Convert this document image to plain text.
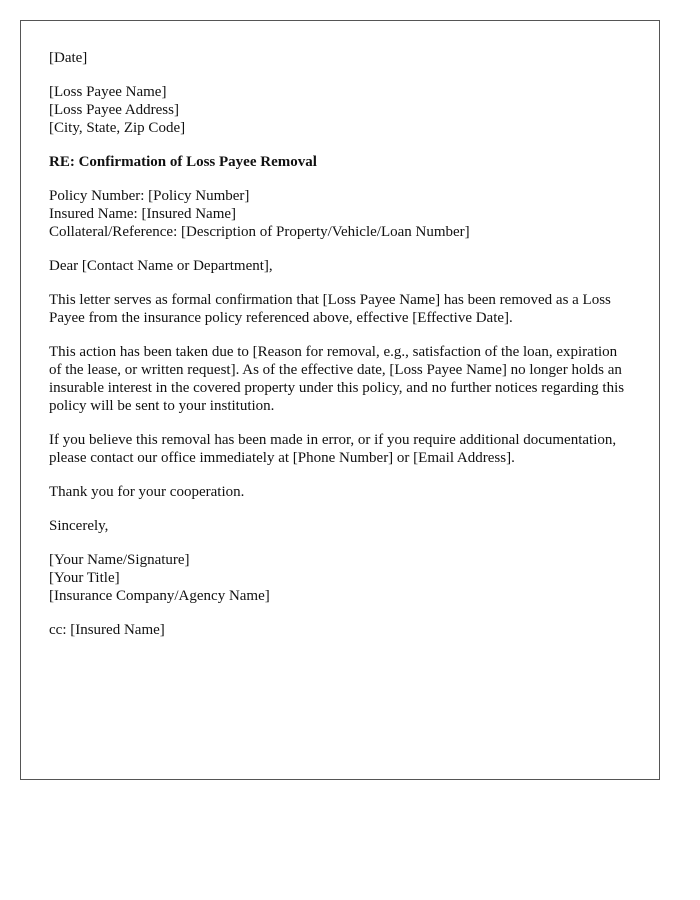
[Date]
[Loss Payee Name]
[Loss Payee Address]
[City, State, Zip Code]
RE: Confirmation of Loss Payee Removal
Policy Number: [Policy Number]
Insured Name: [Insured Name]
Collateral/Reference: [Description of Property/Vehicle/Loan Number]
Dear [Contact Name or Department],

This letter serves as formal confirmation that [Loss Payee Name] has been removed as a Loss Payee from the insurance policy referenced above, effective [Effective Date].

This action has been taken due to [Reason for removal, e.g., satisfaction of the loan, expiration of the lease, or written request]. As of the effective date, [Loss Payee Name] no longer holds an insurable interest in the covered property under this policy, and no further notices regarding this policy will be sent to your institution.

If you believe this removal has been made in error, or if you require additional documentation, please contact our office immediately at [Phone Number] or [Email Address].

Thank you for your cooperation.

Sincerely,
[Your Name/Signature]
[Your Title]
[Insurance Company/Agency Name]
cc: [Insured Name]
